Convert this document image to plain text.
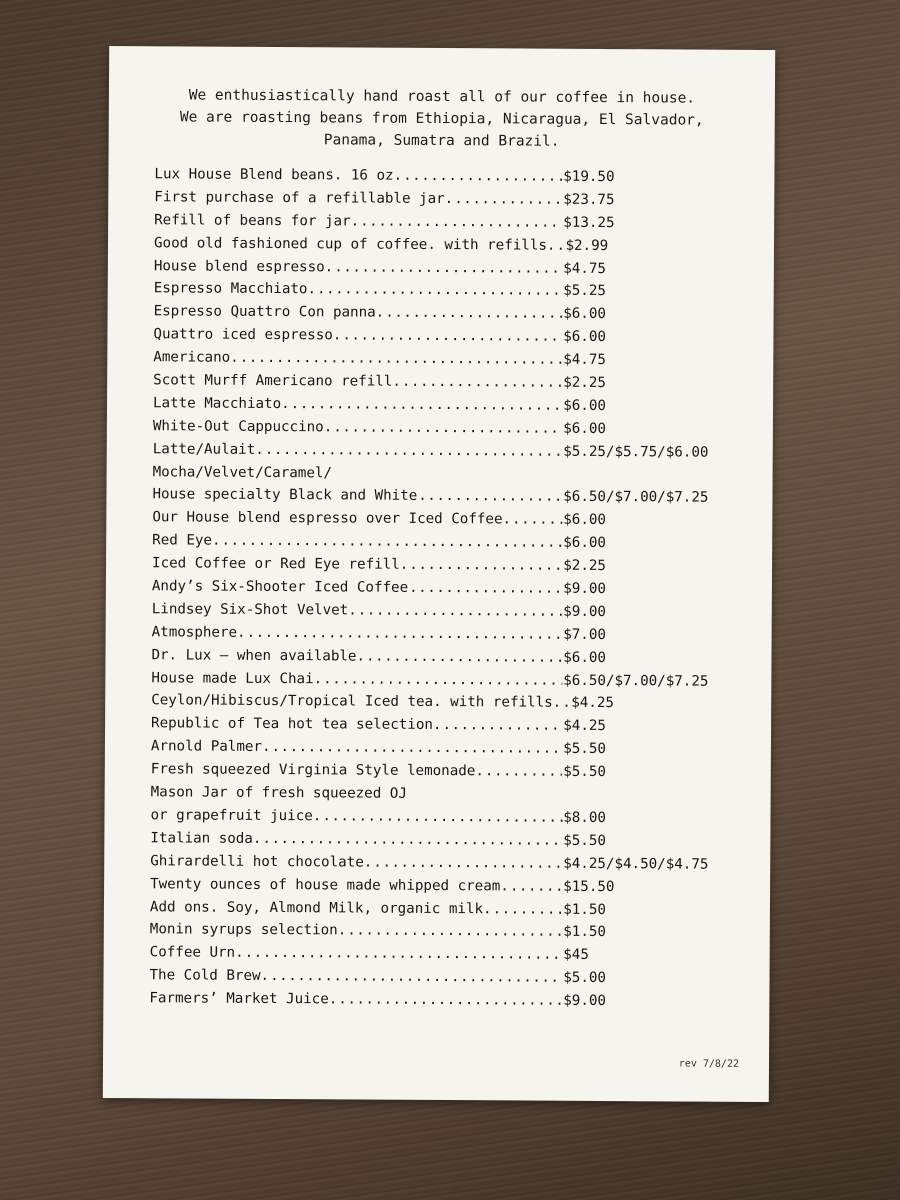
We enthusiastically hand roast all of our coffee in house.
We are roasting beans from Ethiopia, Nicaragua, El Salvador,
Panama, Sumatra and Brazil.
Lux House Blend beans. 16 oz. .....	$19.50
First purchase of a refillable jar. .....	$23.75
Refill of beans for jar. .....	$13.25
Good old fashioned cup of coffee. with refills. ..... $2.99
House blend espresso. .....	$4.75
Espresso Macchiato. .....	$5.25
Espresso Quattro Con panna. .....	$6.00
Quattro iced espresso. .....	$6.00
Americano. .....	$4.75
Scott Murff Americano refill. .....	$2.25
Latte Macchiato. .....	$6.00
White-Out Cappuccino. .....	$6.00
Latte/Aulait. .....	$5.25/$5.75/$6.00
Mocha/Velvet/Caramel/
House specialty Black and White .....	$6.50/$7.00/$7.25
Our House blend espresso over Iced Coffee. .....	$6.00
Red Eye. .....	$6.00
Iced Coffee or Red Eye refill. .....	$2.25
Andy’s Six-Shooter Iced Coffee .....	$9.00
Lindsey Six-Shot Velvet. .....	$9.00
Atmosphere. .....	$7.00
Dr. Lux – when available. .....	$6.00
House made Lux Chai. .....	$6.50/$7.00/$7.25
Ceylon/Hibiscus/Tropical Iced tea. with refills. ..... $4.25
Republic of Tea hot tea selection. .....	$4.25
Arnold Palmer. .....	$5.50
Fresh squeezed Virginia Style lemonade. .....	$5.50
Mason Jar of fresh squeezed OJ
or grapefruit juice. .....	$8.00
Italian soda. .....	$5.50
Ghirardelli hot chocolate. .....	$4.25/$4.50/$4.75
Twenty ounces of house made whipped cream. .....	$15.50
Add ons. Soy, Almond Milk, organic milk. .....	$1.50
Monin syrups selection. .....	$1.50
Coffee Urn. .....	$45
The Cold Brew. .....	$5.00
Farmers’ Market Juice. .....	$9.00
rev 7/8/22
